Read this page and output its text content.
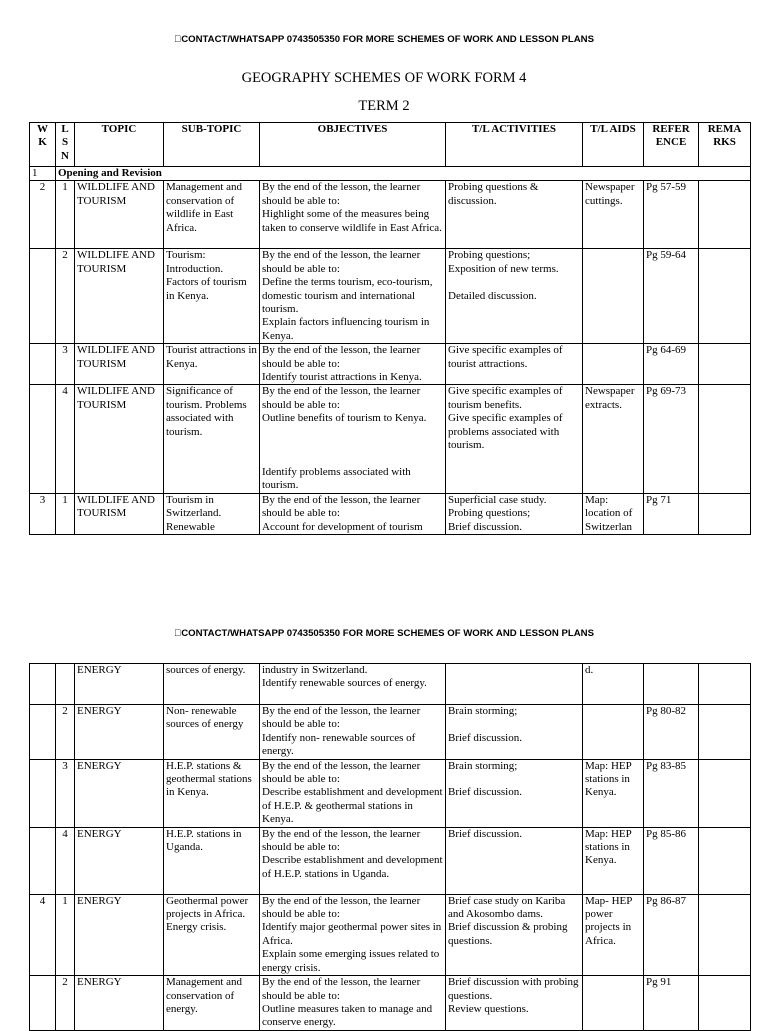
 CONTACT/WHATSAPP 0743505350 FOR MORE SCHEMES OF WORK AND LESSON PLANS
GEOGRAPHY SCHEMES OF WORK FORM 4
TERM 2
W K	L S N	TOPIC	SUB-TOPIC	OBJECTIVES	T/L ACTIVITIES	T/L AIDS	REFER ENCE	REMA RKS
1	Opening and Revision							
2	1	WILDLIFE AND TOURISM	Management and conservation of wildlife in East Africa.	By the end of the lesson, the learner should be able to:
Highlight some of the measures being taken to conserve wildlife in East Africa.	Probing questions & discussion.	Newspaper cuttings.	Pg 57-59	
	2	WILDLIFE AND TOURISM	Tourism: Introduction. Factors of tourism in Kenya.	By the end of the lesson, the learner should be able to:
Define the terms tourism, eco-tourism, domestic tourism and international tourism.
Explain factors influencing tourism in Kenya.	Probing questions;
Exposition of new terms.

Detailed discussion.		Pg 59-64	
	3	WILDLIFE AND TOURISM	Tourist attractions in Kenya.	By the end of the lesson, the learner should be able to:
Identify tourist attractions in Kenya.	Give specific examples of tourist attractions.		Pg 64-69	
	4	WILDLIFE AND TOURISM	Significance of tourism. Problems associated with tourism.	By the end of the lesson, the learner should be able to:
Outline benefits of tourism to Kenya.

Identify problems associated with tourism.	Give specific examples of tourism benefits.
Give specific examples of problems associated with tourism.	Newspaper extracts.	Pg 69-73	
3	1	WILDLIFE AND TOURISM	Tourism in Switzerland. Renewable	By the end of the lesson, the learner should be able to:
Account for development of tourism	Superficial case study.
Probing questions;
Brief discussion.	Map: location of Switzerlan	Pg 71	
 CONTACT/WHATSAPP 0743505350 FOR MORE SCHEMES OF WORK AND LESSON PLANS
		ENERGY	sources of energy.	industry in Switzerland.
Identify renewable sources of energy.		d.		
	2	ENERGY	Non- renewable sources of energy	By the end of the lesson, the learner should be able to:
Identify non- renewable sources of energy.	Brain storming;

Brief discussion.		Pg 80-82	
	3	ENERGY	H.E.P. stations & geothermal stations in Kenya.	By the end of the lesson, the learner should be able to:
Describe establishment and development of H.E.P. & geothermal stations in Kenya.	Brain storming;

Brief discussion.	Map: HEP stations in Kenya.	Pg 83-85	
	4	ENERGY	H.E.P. stations in Uganda.	By the end of the lesson, the learner should be able to:
Describe establishment and development of H.E.P. stations in Uganda.	Brief discussion.	Map: HEP stations in Kenya.	Pg 85-86	
4	1	ENERGY	Geothermal power projects in Africa.
Energy crisis.	By the end of the lesson, the learner should be able to:
Identify major geothermal power sites in Africa.
Explain some emerging issues related to energy crisis.	Brief case study on Kariba and Akosombo dams.
Brief discussion & probing questions.	Map- HEP power projects in Africa.	Pg 86-87	
	2	ENERGY	Management and conservation of energy.	By the end of the lesson, the learner should be able to:
Outline measures taken to manage and conserve energy.	Brief discussion with probing questions.
Review questions.		Pg 91	
